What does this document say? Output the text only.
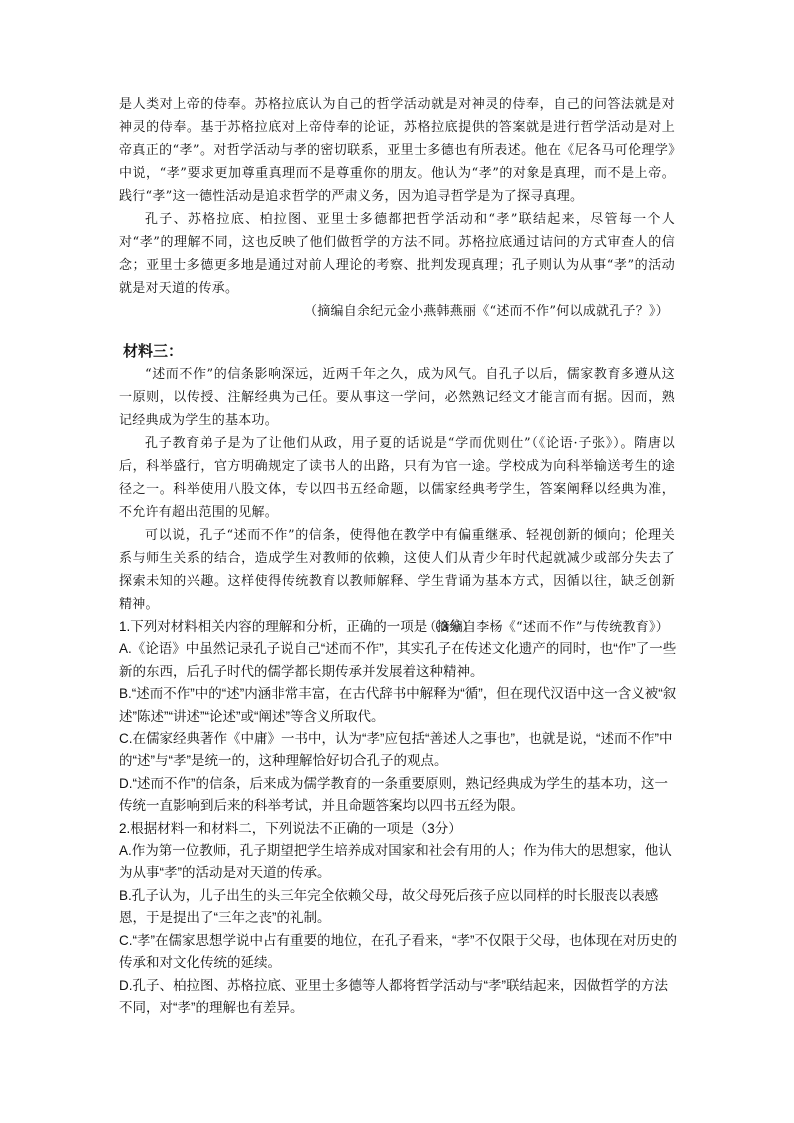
是人类对上帝的侍奉。苏格拉底认为自己的哲学活动就是对神灵的侍奉，自己的问答法就是对神灵的侍奉。基于苏格拉底对上帝侍奉的论证，苏格拉底提供的答案就是进行哲学活动是对上帝真正的“孝”。对哲学活动与孝的密切联系，亚里士多德也有所表述。他在《尼各马可伦理学》中说，“孝”要求更加尊重真理而不是尊重你的朋友。他认为“孝”的对象是真理，而不是上帝。践行“孝”这一德性活动是追求哲学的严肃义务，因为追寻哲学是为了探寻真理。

孔子、苏格拉底、柏拉图、亚里士多德都把哲学活动和“孝”联结起来，尽管每一个人对“孝”的理解不同，这也反映了他们做哲学的方法不同。苏格拉底通过诘问的方式审查人的信念；亚里士多德更多地是通过对前人理论的考察、批判发现真理；孔子则认为从事“孝”的活动就是对天道的传承。

（摘编自余纪元金小燕韩燕丽《“述而不作”何以成就孔子？》）

材料三：

“述而不作”的信条影响深远，近两千年之久，成为风气。自孔子以后，儒家教育多遵从这一原则，以传授、注解经典为己任。要从事这一学问，必然熟记经文才能言而有据。因而，熟记经典成为学生的基本功。

孔子教育弟子是为了让他们从政，用子夏的话说是“学而优则仕”（《论语·子张》）。隋唐以后，科举盛行，官方明确规定了读书人的出路，只有为官一途。学校成为向科举输送考生的途径之一。科举使用八股文体，专以四书五经命题，以儒家经典考学生，答案阐释以经典为准，不允许有超出范围的见解。

可以说，孔子“述而不作”的信条，使得他在教学中有偏重继承、轻视创新的倾向；伦理关系与师生关系的结合，造成学生对教师的依赖，这使人们从青少年时代起就减少或部分失去了探索未知的兴趣。这样使得传统教育以教师解释、学生背诵为基本方式，因循以往，缺乏创新精神。

（摘编自李杨《“述而不作”与传统教育》）

1.下列对材料相关内容的理解和分析，正确的一项是（3分）

A.《论语》中虽然记录孔子说自己“述而不作”，其实孔子在传述文化遗产的同时，也“作”了一些新的东西，后孔子时代的儒学都长期传承并发展着这种精神。

B.“述而不作”中的“述”内涵非常丰富，在古代辞书中解释为“循”，但在现代汉语中这一含义被“叙述”陈述”“讲述”“论述”或“阐述”等含义所取代。

C.在儒家经典著作《中庸》一书中，认为“孝”应包括“善述人之事也”，也就是说，“述而不作”中的“述”与“孝”是统一的，这种理解恰好切合孔子的观点。

D.“述而不作”的信条，后来成为儒学教育的一条重要原则，熟记经典成为学生的基本功，这一传统一直影响到后来的科举考试，并且命题答案均以四书五经为限。

2.根据材料一和材料二，下列说法不正确的一项是（3分）

A.作为第一位教师，孔子期望把学生培养成对国家和社会有用的人；作为伟大的思想家，他认为从事“孝”的活动是对天道的传承。

B.孔子认为，儿子出生的头三年完全依赖父母，故父母死后孩子应以同样的时长服丧以表感恩，于是提出了“三年之丧”的礼制。

C.“孝”在儒家思想学说中占有重要的地位，在孔子看来，“孝”不仅限于父母，也体现在对历史的传承和对文化传统的延续。

D.孔子、柏拉图、苏格拉底、亚里士多德等人都将哲学活动与“孝”联结起来，因做哲学的方法不同，对“孝”的理解也有差异。
